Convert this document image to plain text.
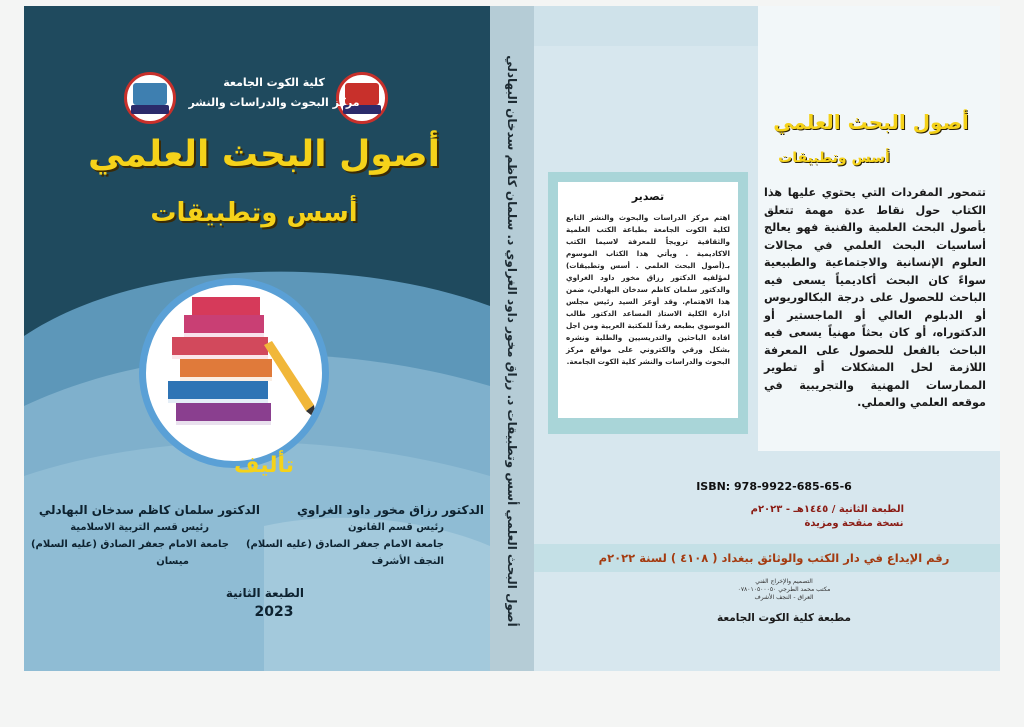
كلية الكوت الجامعة
مركز البحوث والدراسات والنشر
أصول البحث العلمي
أسس وتطبيقات
تأليف
الدكتور رزاق مخور داود الغراوي
رئيس قسم القانون
جامعة الامام جعفر الصادق (عليه السلام)
النجف الأشرف
الدكتور سلمان كاظم سدخان البهادلي
رئيس قسم التربية الاسلامية
جامعة الامام جعفر الصادق (عليه السلام)
ميسان
الطبعة الثانية
2023	أصول البحث العلمي أسس وتطبيقات د. رزاق مخور داود الغراوي د. سلمان كاظم سدخان البهادلي	أصول البحث العلمي
أسس وتطبيقات
تتمحور المفردات التي يحتوي عليها هذا الكتاب حول نقاط عدة مهمة تتعلق بأصول البحث العلمية والفنية فهو يعالج أساسيات البحث العلمي في مجالات العلوم الإنسانية والاجتماعية والطبيعية سواءً كان البحث أكاديمياً يسعى فيه الباحث للحصول على درجة البكالوريوس أو الدبلوم العالي أو الماجستير أو الدكتوراه، أو كان بحثاً مهنياً يسعى فيه الباحث بالفعل للحصول على المعرفة اللازمة لحل المشكلات أو تطوير الممارسات المهنية والتجريبية في موقعه العلمي والعملي.
تصدير
اهتم مركز الدراسات والبحوث والنشر التابع لكلية الكوت الجامعة بطباعة الكتب العلمية والثقافية ترويجاً للمعرفة لاسيما الكتب الاكاديمية . ويأتي هذا الكتاب الموسوم بـ(أصول البحث العلمي . أسس وتطبيقات) لمؤلفيه الدكتور رزاق مخور داود الغراوي والدكتور سلمان كاظم سدخان البهادلي، ضمن هذا الاهتمام. وقد أوعز السيد رئيس مجلس ادارة الكلية الاستاذ المساعد الدكتور طالب الموسوي بطبعه رفداً للمكتبة العربية ومن اجل افادة الباحثين والتدريسيين والطلبة ونشره بشكل ورقي والكتروني على مواقع مركز البحوث والدراسات والنشر كلية الكوت الجامعة.
ISBN: 978-9922-685-65-6
الطبعة الثانية / ١٤٤٥هـ - ٢٠٢٣م
نسخة منقحة ومزيدة
رقم الإيداع في دار الكتب والوثائق ببغداد ( ٤١٠٨ ) لسنة ٢٠٢٢م
التصميم والإخراج الفني
مكتب محمد الطرجي ٠٧٨٠١٠٥٠٠٠٥٠
العراق - النجف الأشرف
مطبعة كلية الكوت الجامعة
